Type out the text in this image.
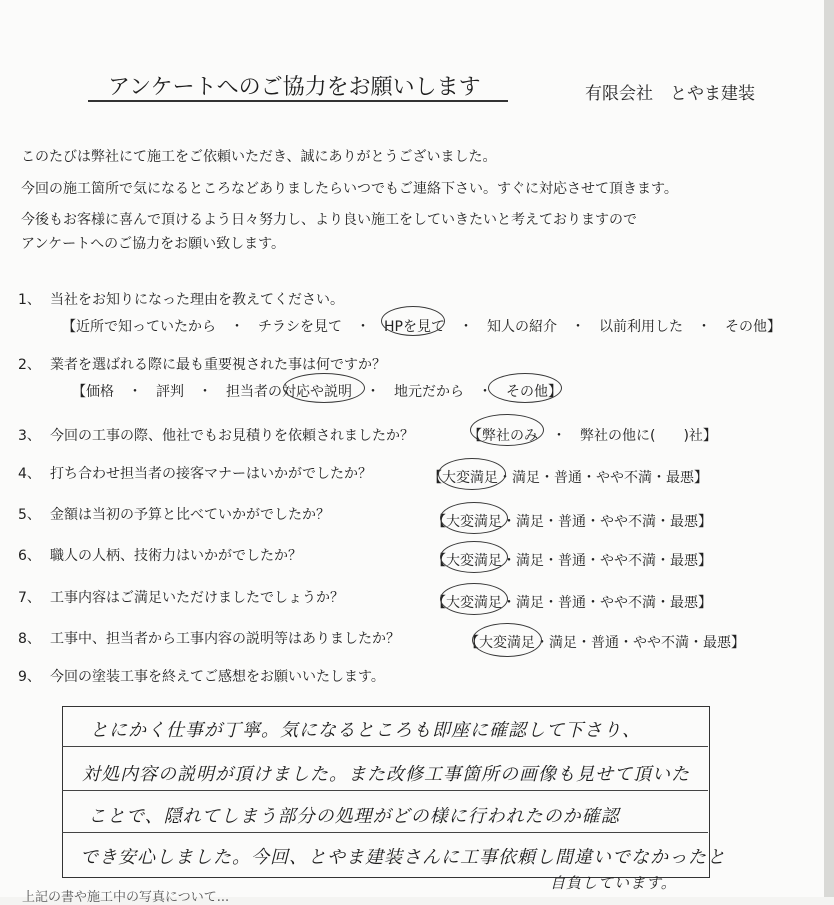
アンケートへのご協力をお願いします	有限会社　とやま建装
このたびは弊社にて施工をご依頼いただき、誠にありがとうございました。
今回の施工箇所で気になるところなどありましたらいつでもご連絡下さい。すぐに対応させて頂きます。
今後もお客様に喜んで頂けるよう日々努力し、より良い施工をしていきたいと考えておりますので
アンケートへのご協力をお願い致します。
1、 当社をお知りになった理由を教えてください。
【近所で知っていたから　・　チラシを見て　・　HPを見て　・　知人の紹介　・　以前利用した　・　その他】
2、 業者を選ばれる際に最も重要視された事は何ですか？
【価格　・　評判　・　担当者の対応や説明　・　地元だから　・　その他】
3、 今回の工事の際、他社でもお見積りを依頼されましたか？	【弊社のみ　・　弊社の他に(　　)社】
4、 打ち合わせ担当者の接客マナーはいかがでしたか？	【大変満足・満足・普通・やや不満・最悪】
5、 金額は当初の予算と比べていかがでしたか？	【大変満足・満足・普通・やや不満・最悪】
6、 職人の人柄、技術力はいかがでしたか？	【大変満足・満足・普通・やや不満・最悪】
7、 工事内容はご満足いただけましたでしょうか？	【大変満足・満足・普通・やや不満・最悪】
8、 工事中、担当者から工事内容の説明等はありましたか？	【大変満足・満足・普通・やや不満・最悪】
9、 今回の塗装工事を終えてご感想をお願いいたします。
とにかく仕事が丁寧。気になるところも即座に確認して下さり、
対処内容の説明が頂けました。また改修工事箇所の画像も見せて頂いた
ことで、隠れてしまう部分の処理がどの様に行われたのか確認
でき安心しました。今回、とやま建装さんに工事依頼し間違いでなかったと
自負しています。
上記の書や施工中の写真について...
